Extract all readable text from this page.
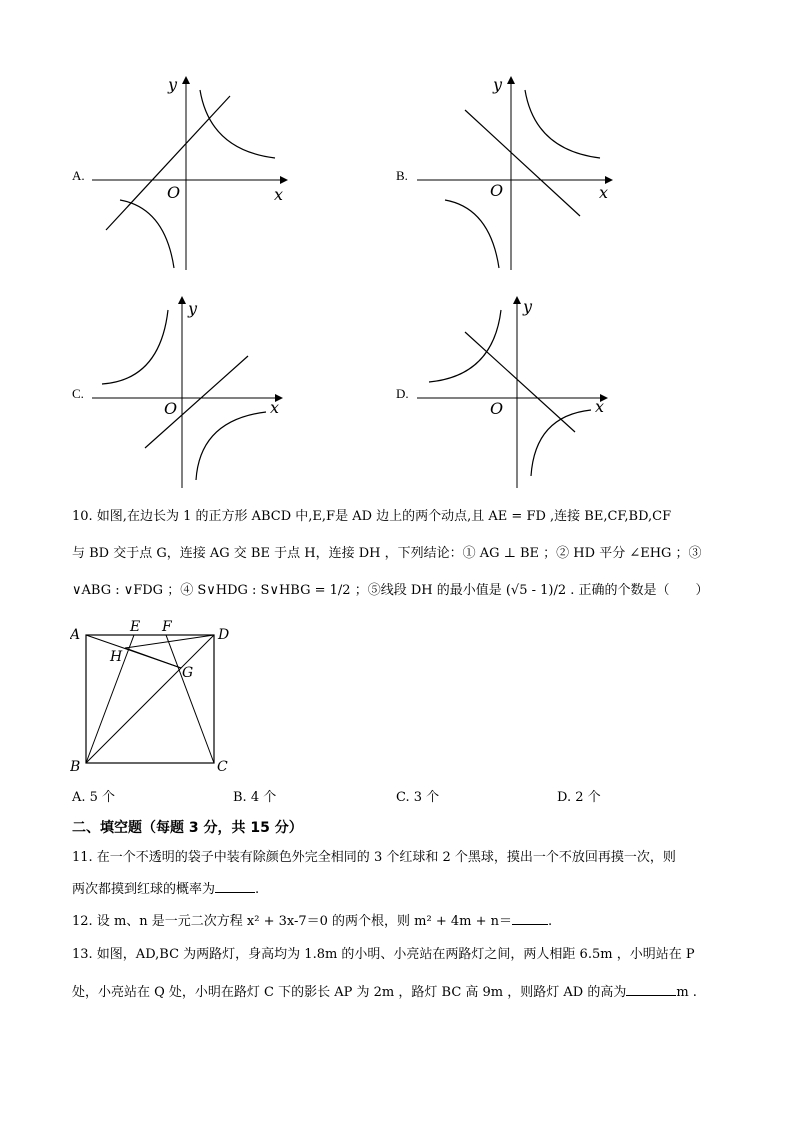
x
y
O
A.
x
y
O
B.
x
y
O
C.
x
y
O
D.
10. 如图,在边长为 1 的正方形 ABCD 中,E,F是 AD 边上的两个动点,且 AE = FD ,连接 BE,CF,BD,CF
与 BD 交于点 G，连接 AG 交 BE 于点 H，连接 DH ，下列结论：① AG ⊥ BE ；② HD 平分 ∠EHG ；③
∨ABG : ∨FDG ；④ S∨HDG : S∨HBG = 1/2 ；⑤线段 DH 的最小值是 (√5 - 1)/2 . 正确的个数是（　　）
A	D
B	C
E F
H
G
A. 5 个	B. 4 个	C. 3 个	D. 2 个
二、填空题（每题 3 分，共 15 分）
11. 在一个不透明的袋子中装有除颜色外完全相同的 3 个红球和 2 个黑球，摸出一个不放回再摸一次，则
两次都摸到红球的概率为	.
12. 设 m、n 是一元二次方程 x² + 3x-7＝0 的两个根，则 m² + 4m + n＝	.
13. 如图，AD,BC 为两路灯，身高均为 1.8m 的小明、小亮站在两路灯之间，两人相距 6.5m ，小明站在 P
处，小亮站在 Q 处，小明在路灯 C 下的影长 AP 为 2m ，路灯 BC 高 9m ，则路灯 AD 的高为	m .
